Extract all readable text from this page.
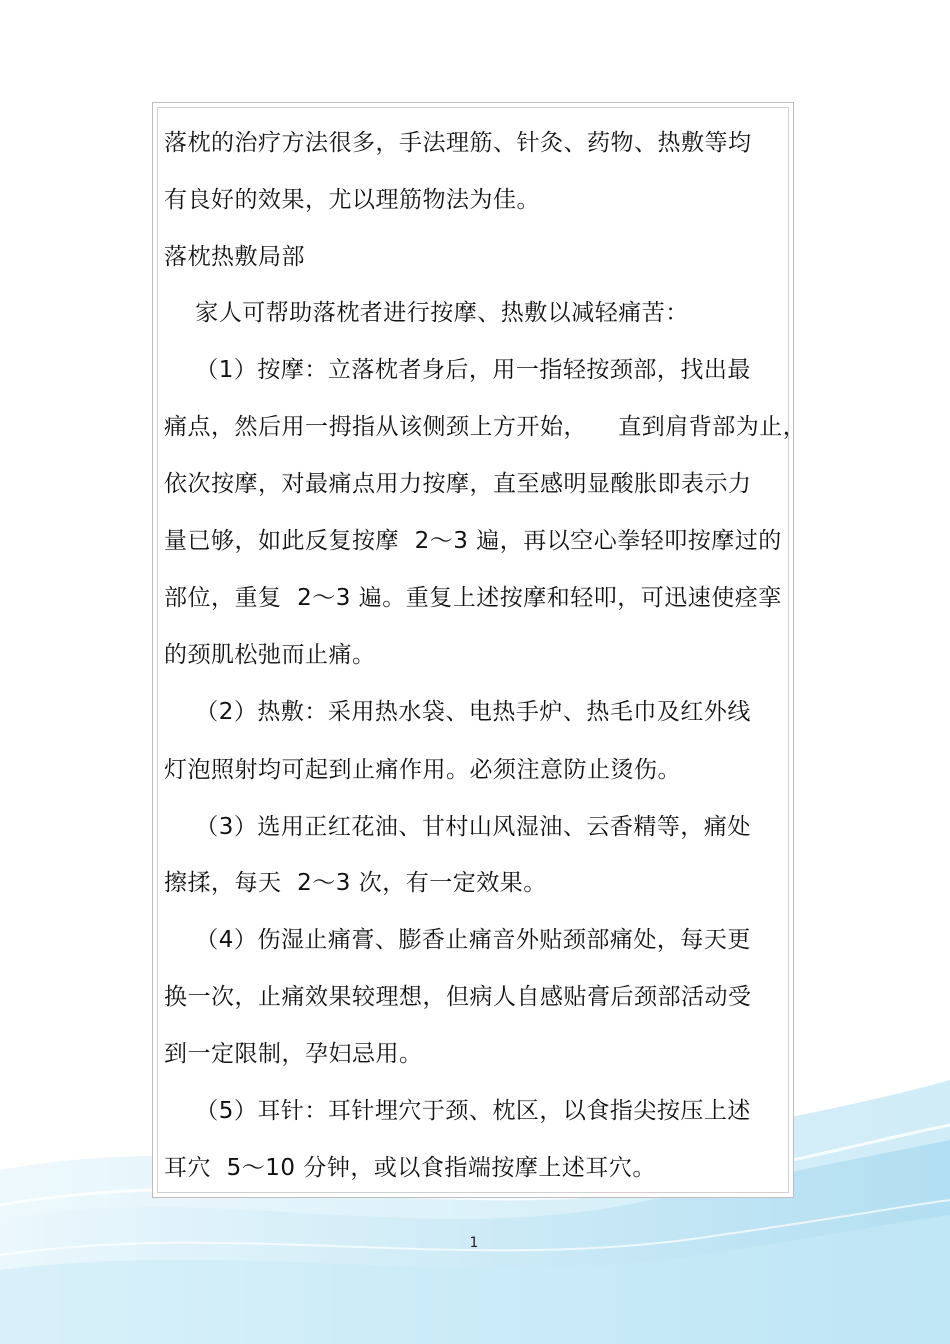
落枕的治疗方法很多，手法理筋、针灸、药物、热敷等均
有良好的效果，尤以理筋物法为佳。
落枕热敷局部
家人可帮助落枕者进行按摩、热敷以减轻痛苦：
（1）按摩：立落枕者身后，用一指轻按颈部，找出最
痛点，然后用一拇指从该侧颈上方开始，    直到肩背部为止，
依次按摩，对最痛点用力按摩，直至感明显酸胀即表示力
量已够，如此反复按摩  2～3 遍，再以空心拳轻叩按摩过的
部位，重复  2～3 遍。重复上述按摩和轻叩，可迅速使痉挛
的颈肌松弛而止痛。
（2）热敷：采用热水袋、电热手炉、热毛巾及红外线
灯泡照射均可起到止痛作用。必须注意防止烫伤。
（3）选用正红花油、甘村山风湿油、云香精等，痛处
擦揉，每天  2～3 次，有一定效果。
（4）伤湿止痛膏、膨香止痛音外贴颈部痛处，每天更
换一次，止痛效果较理想，但病人自感贴膏后颈部活动受
到一定限制，孕妇忌用。
（5）耳针：耳针埋穴于颈、枕区，以食指尖按压上述
耳穴  5～10 分钟，或以食指端按摩上述耳穴。
1
